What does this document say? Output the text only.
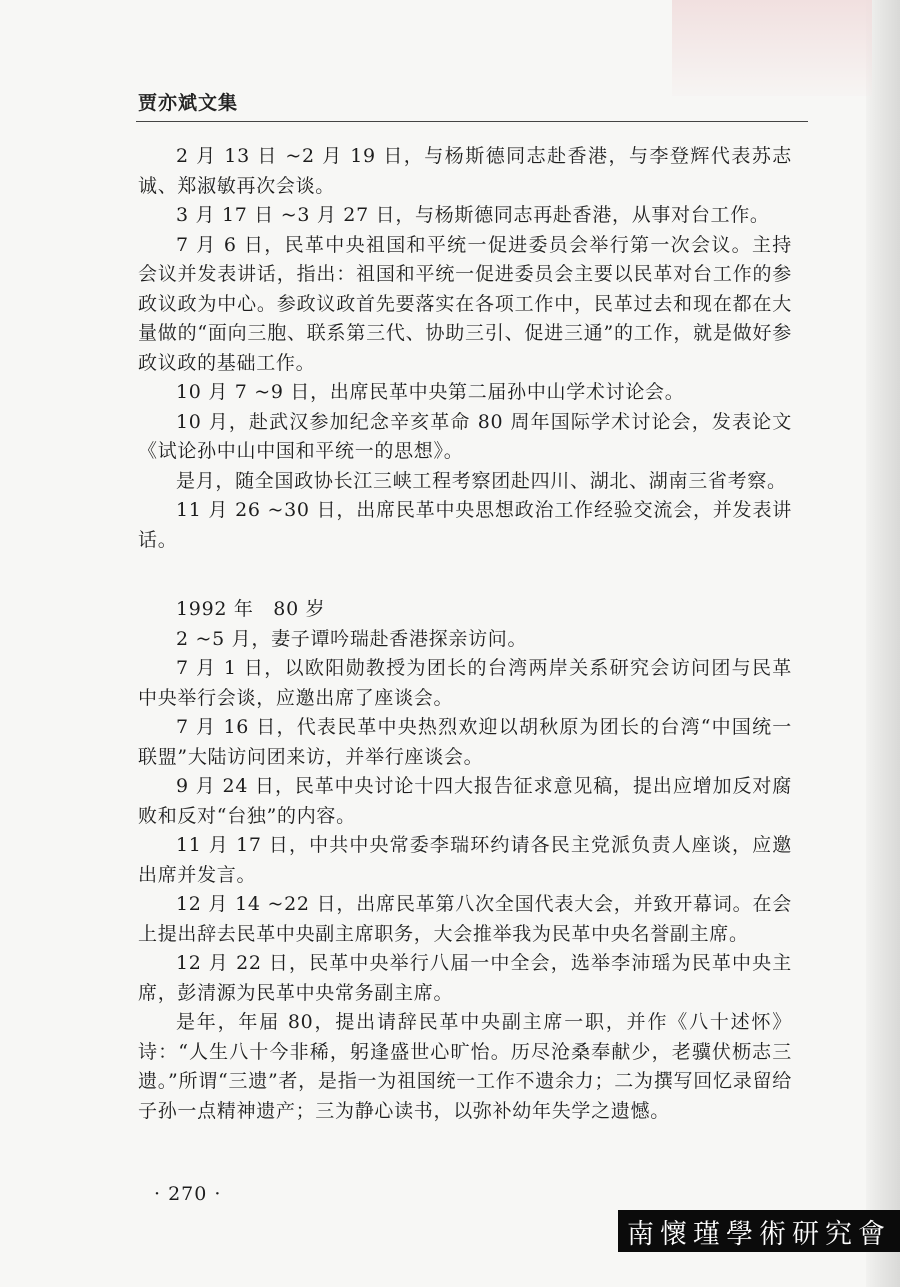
贾亦斌文集

2 月 13 日 ~2 月 19 日，与杨斯德同志赴香港，与李登辉代表苏志诚、郑淑敏再次会谈。

3 月 17 日 ~3 月 27 日，与杨斯德同志再赴香港，从事对台工作。

7 月 6 日，民革中央祖国和平统一促进委员会举行第一次会议。主持会议并发表讲话，指出：祖国和平统一促进委员会主要以民革对台工作的参政议政为中心。参政议政首先要落实在各项工作中，民革过去和现在都在大量做的“面向三胞、联系第三代、协助三引、促进三通”的工作，就是做好参政议政的基础工作。

10 月 7 ~9 日，出席民革中央第二届孙中山学术讨论会。

10 月，赴武汉参加纪念辛亥革命 80 周年国际学术讨论会，发表论文《试论孙中山中国和平统一的思想》。

是月，随全国政协长江三峡工程考察团赴四川、湖北、湖南三省考察。

11 月 26 ~30 日，出席民革中央思想政治工作经验交流会，并发表讲话。

1992 年　80 岁

2 ~5 月，妻子谭吟瑞赴香港探亲访问。

7 月 1 日，以欧阳勋教授为团长的台湾两岸关系研究会访问团与民革中央举行会谈，应邀出席了座谈会。

7 月 16 日，代表民革中央热烈欢迎以胡秋原为团长的台湾“中国统一联盟”大陆访问团来访，并举行座谈会。

9 月 24 日，民革中央讨论十四大报告征求意见稿，提出应增加反对腐败和反对“台独”的内容。

11 月 17 日，中共中央常委李瑞环约请各民主党派负责人座谈，应邀出席并发言。

12 月 14 ~22 日，出席民革第八次全国代表大会，并致开幕词。在会上提出辞去民革中央副主席职务，大会推举我为民革中央名誉副主席。

12 月 22 日，民革中央举行八届一中全会，选举李沛瑶为民革中央主席，彭清源为民革中央常务副主席。

是年，年届 80，提出请辞民革中央副主席一职，并作《八十述怀》诗：“人生八十今非稀，躬逢盛世心旷怡。历尽沧桑奉献少，老骥伏枥志三遗。”所谓“三遗”者，是指一为祖国统一工作不遗余力；二为撰写回忆录留给子孙一点精神遗产；三为静心读书，以弥补幼年失学之遗憾。

· 270 ·
南懷瑾學術研究會
